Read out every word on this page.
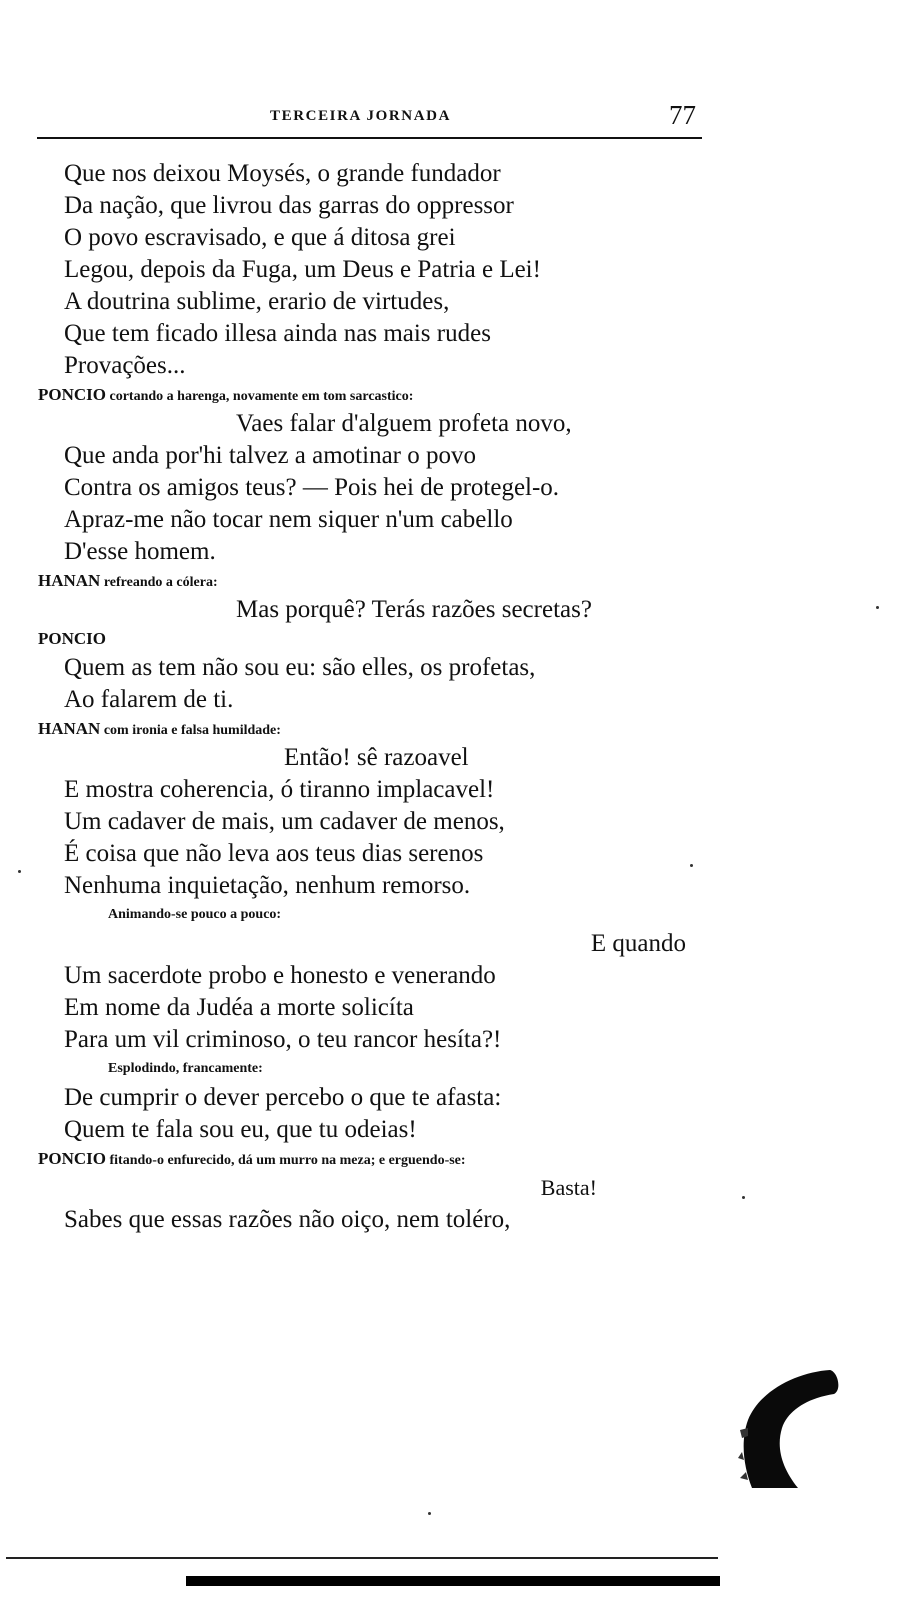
TERCEIRA JORNADA	77
Que nos deixou Moysés, o grande fundador
Da nação, que livrou das garras do oppressor
O povo escravisado, e que á ditosa grei
Legou, depois da Fuga, um Deus e Patria e Lei!
A doutrina sublime, erario de virtudes,
Que tem ficado illesa ainda nas mais rudes
Provações...
PONCIO cortando a harenga, novamente em tom sarcastico:
Vaes falar d'alguem profeta novo,
Que anda por'hi talvez a amotinar o povo
Contra os amigos teus? — Pois hei de protegel-o.
Apraz-me não tocar nem siquer n'um cabello
D'esse homem.
HANAN refreando a cólera:
Mas porquê? Terás razões secretas?
PONCIO
Quem as tem não sou eu: são elles, os profetas,
Ao falarem de ti.
HANAN com ironia e falsa humildade:
Então! sê razoavel
E mostra coherencia, ó tiranno implacavel!
Um cadaver de mais, um cadaver de menos,
É coisa que não leva aos teus dias serenos
Nenhuma inquietação, nenhum remorso.
Animando-se pouco a pouco:
E quando
Um sacerdote probo e honesto e venerando
Em nome da Judéa a morte solicíta
Para um vil criminoso, o teu rancor hesíta?!
Esplodindo, francamente:
De cumprir o dever percebo o que te afasta:
Quem te fala sou eu, que tu odeias!
PONCIO fitando-o enfurecido, dá um murro na meza; e erguendo-se:
Basta!
Sabes que essas razões não oiço, nem toléro,
